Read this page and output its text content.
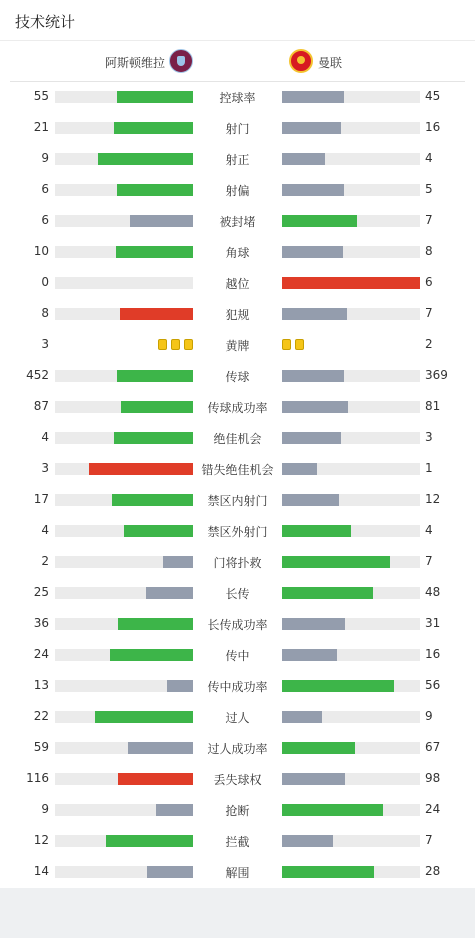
技术统计
阿斯顿维拉	曼联
55	控球率	45
21	射门	16
9	射正	4
6	射偏	5
6	被封堵	7
10	角球	8
0	越位	6
8	犯规	7
3	黄牌	2
452	传球	369
87	传球成功率	81
4	绝佳机会	3
3	错失绝佳机会	1
17	禁区内射门	12
4	禁区外射门	4
2	门将扑救	7
25	长传	48
36	长传成功率	31
24	传中	16
13	传中成功率	56
22	过人	9
59	过人成功率	67
116	丢失球权	98
9	抢断	24
12	拦截	7
14	解围	28
